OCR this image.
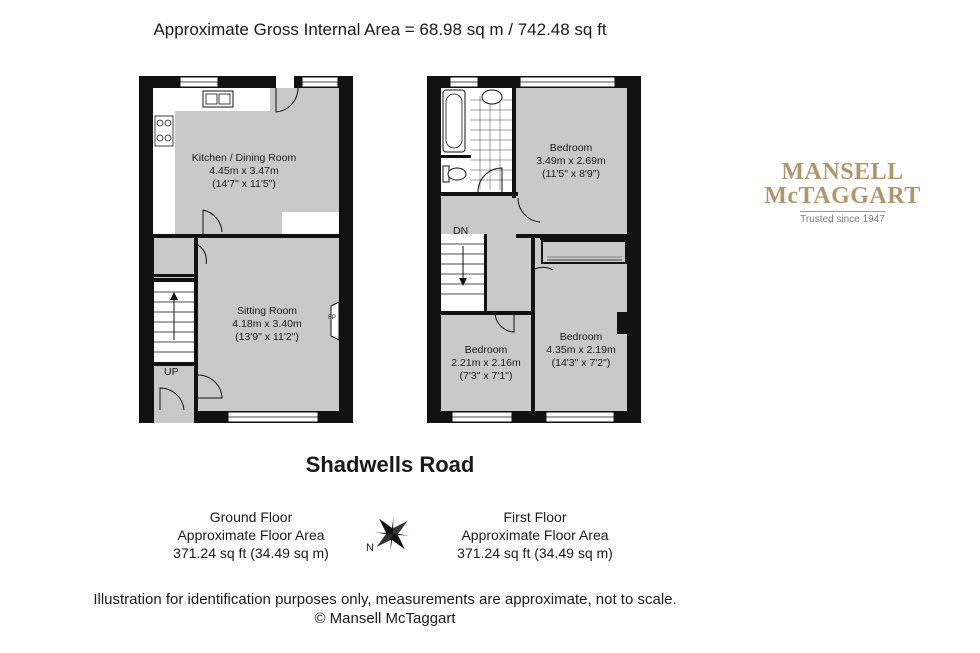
Approximate Gross Internal Area = 68.98 sq m / 742.48 sq ft
Kitchen / Dining Room
4.45m x 3.47m
(14'7" x 11'5")
Sitting Room
4.18m x 3.40m
(13'9" x 11'2")
UP
FP
Bedroom
3.49m x 2.69m
(11'5" x 8'9")
Bedroom
2.21m x 2.16m
(7'3" x 7'1")
Bedroom
4.35m x 2.19m
(14'3" x 7'2")
DN
Shadwells Road
Ground Floor
Approximate Floor Area
371.24 sq ft (34.49 sq m)
First Floor
Approximate Floor Area
371.24 sq ft (34.49 sq m)
N
Illustration for identification purposes only, measurements are approximate, not to scale.
© Mansell McTaggart
MANSELL
McTAGGART
Trusted since 1947
